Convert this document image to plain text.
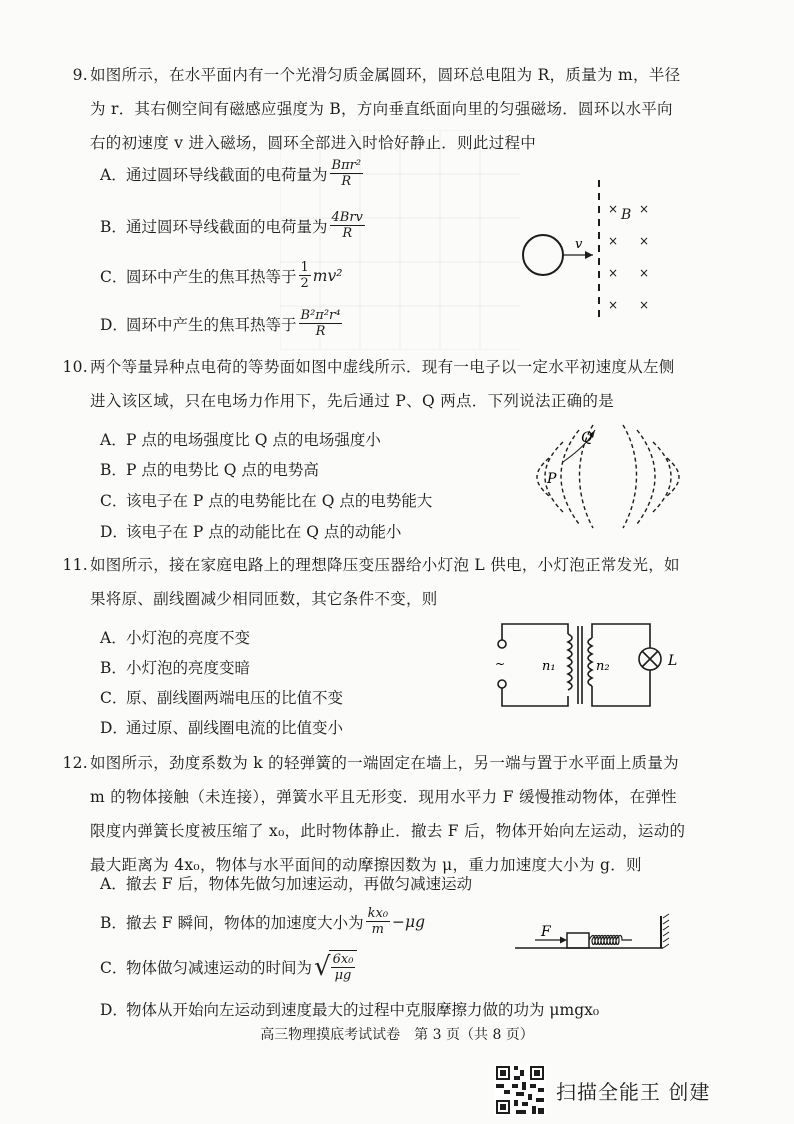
9. 如图所示，在水平面内有一个光滑匀质金属圆环，圆环总电阻为 R，质量为 m，半径
为 r．其右侧空间有磁感应强度为 B，方向垂直纸面向里的匀强磁场．圆环以水平向
右的初速度 v 进入磁场，圆环全部进入时恰好静止．则此过程中
A． 通过圆环导线截面的电荷量为 $\frac{\text{Bπr²}}{R}$
B． 通过圆环导线截面的电荷量为 $\frac{\text{4Brv}}{R}$
C．
圆环中产生的焦耳热等于 $\frac{1}{2} mv^2$
D．
圆环中产生的焦耳热等于 $\frac{\text{B²π²r⁴}}{R}$
v
× B ×
× ×
× ×
× ×
10. 两个等量异种点电荷的等势面如图中虚线所示．现有一电子以一定水平初速度从左侧
进入该区域，只在电场力作用下，先后通过 P、Q 两点．下列说法正确的是
A． P 点的电场强度比 Q 点的电场强度小
B． P 点的电势比 Q 点的电势高
C．
该电子在 P 点的电势能比在 Q 点的电势能大
D．
该电子在 P 点的动能比在 Q 点的动能小
P
Q
11. 如图所示，接在家庭电路上的理想降压变压器给小灯泡 L 供电，小灯泡正常发光，如
果将原、副线圈减少相同匝数，其它条件不变，则
A． 小灯泡的亮度不变
B． 小灯泡的亮度变暗
C．
原、副线圈两端电压的比值不变
D．
通过原、副线圈电流的比值变小
~	n₁	n₂	L
12. 如图所示，劲度系数为 k 的轻弹簧的一端固定在墙上，另一端与置于水平面上质量为
m 的物体接触（未连接），弹簧水平且无形变．现用水平力 F 缓慢推动物体，在弹性
限度内弹簧长度被压缩了 x₀，此时物体静止．撤去 F 后，物体开始向左运动，运动的
最大距离为 4x₀，物体与水平面间的动摩擦因数为 μ，重力加速度大小为 g．则
A． 撤去 F 后，物体先做匀加速运动，再做匀减速运动
B． 撤去 F 瞬间，物体的加速度大小为 $\frac{\text{kx₀}}{m} -\mu g$
C．
物体做匀减速运动的时间为 √ $\frac{\text{6x₀}}{\mu g}$
D．
物体从开始向左运动到速度最大的过程中克服摩擦力做的功为 μmgx₀
F
高三物理摸底考试试卷　第 3 页（共 8 页）
扫描全能王 创建
